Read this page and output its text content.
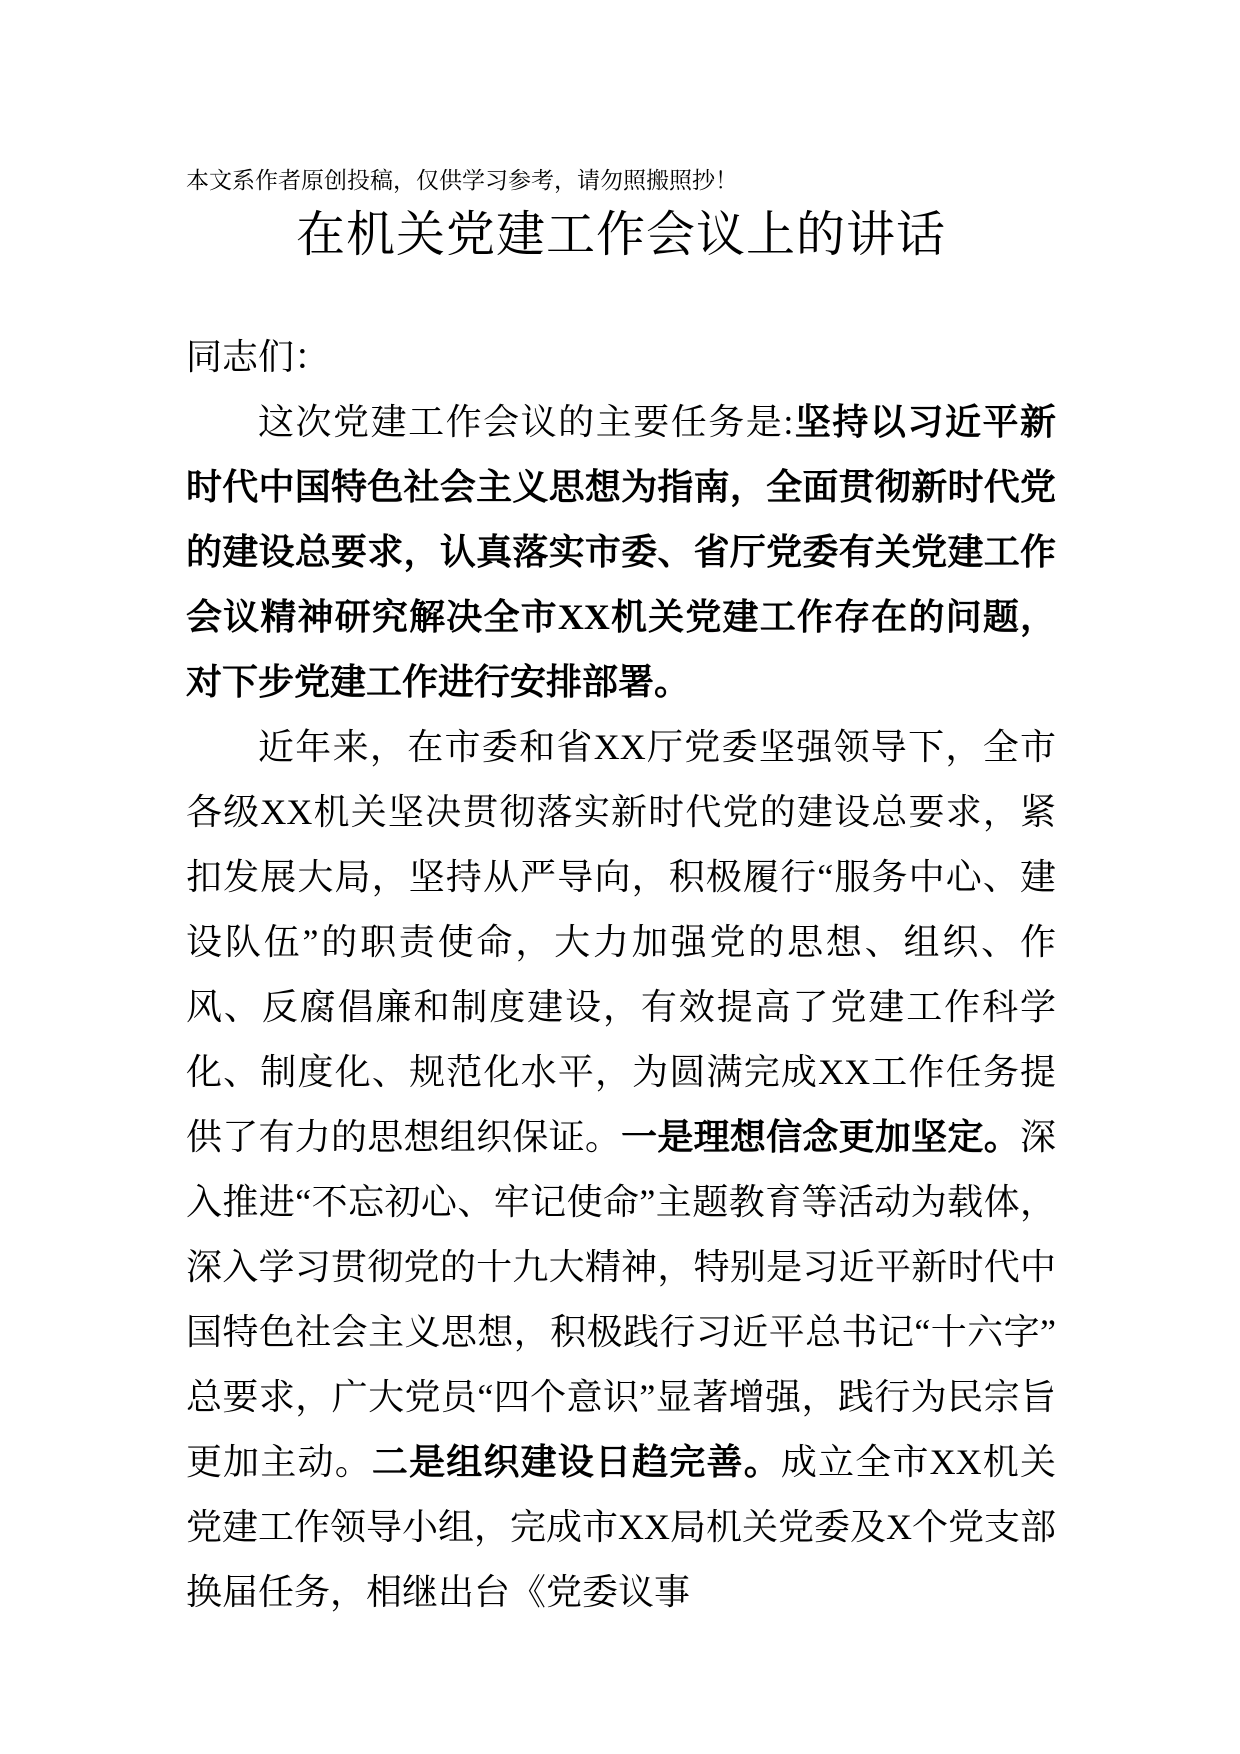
本文系作者原创投稿，仅供学习参考，请勿照搬照抄！

在机关党建工作会议上的讲话

同志们：

这次党建工作会议的主要任务是:坚持以习近平新时代中国特色社会主义思想为指南，全面贯彻新时代党的建设总要求，认真落实市委、省厅党委有关党建工作会议精神研究解决全市XX机关党建工作存在的问题，对下步党建工作进行安排部署。

近年来，在市委和省XX厅党委坚强领导下，全市各级XX机关坚决贯彻落实新时代党的建设总要求，紧扣发展大局，坚持从严导向，积极履行“服务中心、建设队伍”的职责使命，大力加强党的思想、组织、作风、反腐倡廉和制度建设，有效提高了党建工作科学化、制度化、规范化水平，为圆满完成XX工作任务提供了有力的思想组织保证。一是理想信念更加坚定。深入推进“不忘初心、牢记使命”主题教育等活动为载体，深入学习贯彻党的十九大精神，特别是习近平新时代中国特色社会主义思想，积极践行习近平总书记“十六字”总要求，广大党员“四个意识”显著增强，践行为民宗旨更加主动。二是组织建设日趋完善。成立全市XX机关党建工作领导小组，完成市XX局机关党委及X个党支部换届任务，相继出台《党委议事
